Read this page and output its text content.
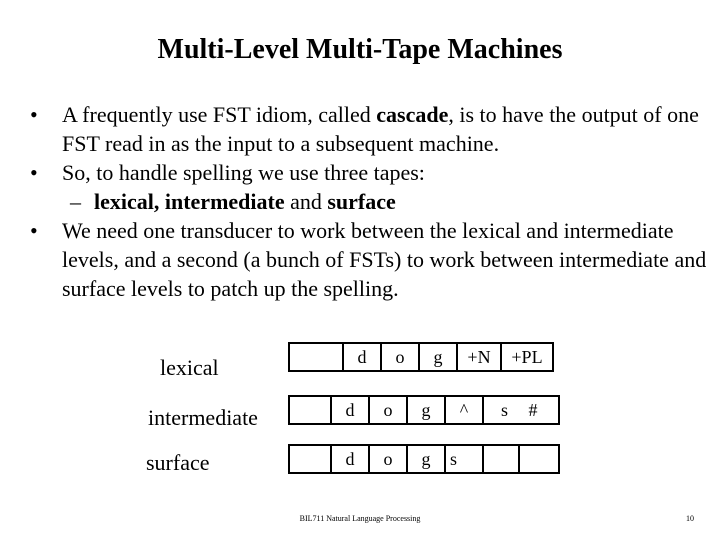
Multi-Level Multi-Tape Machines
• A frequently use FST idiom, called cascade, is to have the output of one FST read in as the input to a subsequent machine.
• So, to handle spelling we use three tapes:
– lexical, intermediate and surface
• We need one transducer to work between the lexical and intermediate levels, and a second (a bunch of FSTs) to work between intermediate and surface levels to patch up the spelling.
lexical	d	o	g	+N	+PL
intermediate	d	o	g	^	s	#
surface	d	o	g	s
BIL711 Natural Language Processing	10
